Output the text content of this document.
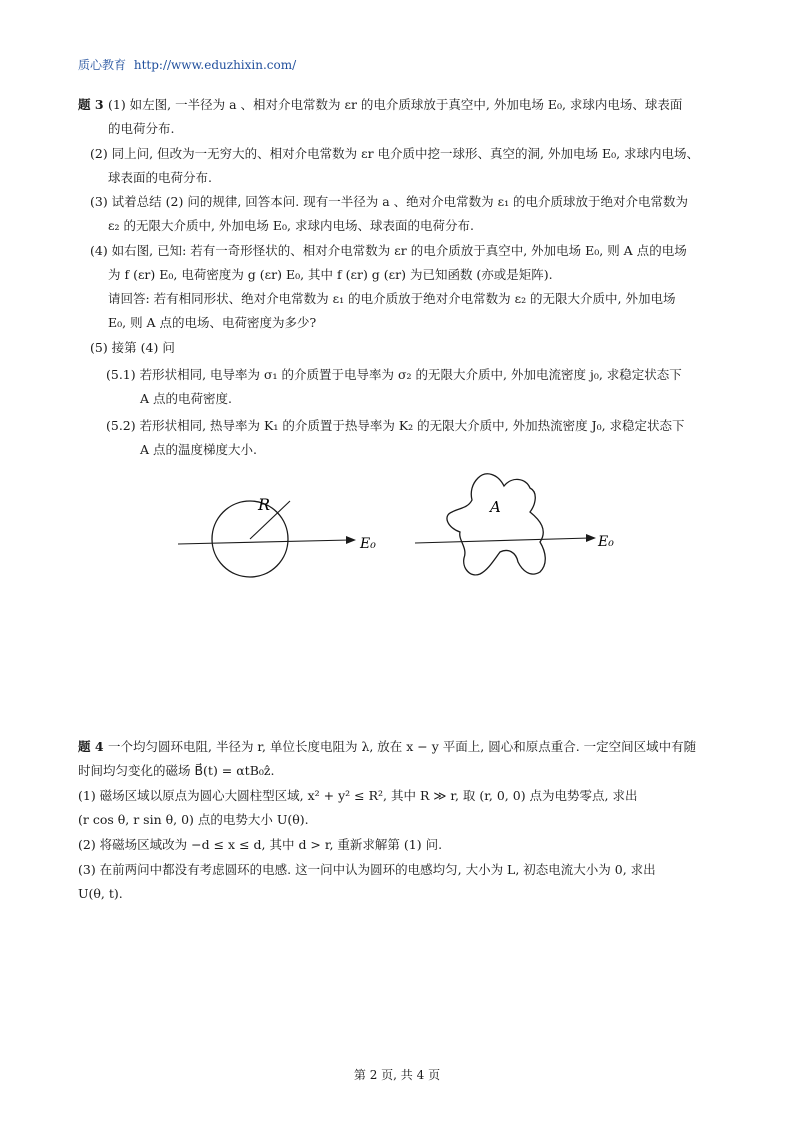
质心教育 http://www.eduzhixin.com/
题 3 (1) 如左图, 一半径为 a 、相对介电常数为 εr 的电介质球放于真空中, 外加电场 E₀, 求球内电场、球表面
的电荷分布.
(2) 同上问, 但改为一无穷大的、相对介电常数为 εr 电介质中挖一球形、真空的洞, 外加电场 E₀, 求球内电场、
球表面的电荷分布.
(3) 试着总结 (2) 问的规律, 回答本问. 现有一半径为 a 、绝对介电常数为 ε₁ 的电介质球放于绝对介电常数为
ε₂ 的无限大介质中, 外加电场 E₀, 求球内电场、球表面的电荷分布.
(4) 如右图, 已知: 若有一奇形怪状的、相对介电常数为 εr 的电介质放于真空中, 外加电场 E₀, 则 A 点的电场
为 f (εr) E₀, 电荷密度为 g (εr) E₀, 其中 f (εr) g (εr) 为已知函数 (亦或是矩阵).
请回答: 若有相同形状、绝对介电常数为 ε₁ 的电介质放于绝对介电常数为 ε₂ 的无限大介质中, 外加电场
E₀, 则 A 点的电场、电荷密度为多少?
(5) 接第 (4) 问
(5.1) 若形状相同, 电导率为 σ₁ 的介质置于电导率为 σ₂ 的无限大介质中, 外加电流密度 j₀, 求稳定状态下
A 点的电荷密度.
(5.2) 若形状相同, 热导率为 K₁ 的介质置于热导率为 K₂ 的无限大介质中, 外加热流密度 J₀, 求稳定状态下
A 点的温度梯度大小.
R
E₀
A
E₀
题 4 一个均匀圆环电阻, 半径为 r, 单位长度电阻为 λ, 放在 x − y 平面上, 圆心和原点重合. 一定空间区域中有随
时间均匀变化的磁场 B⃗(t) = αtB₀ẑ.
(1) 磁场区域以原点为圆心大圆柱型区域, x² + y² ≤ R², 其中 R ≫ r, 取 (r, 0, 0) 点为电势零点, 求出
(r cos θ, r sin θ, 0) 点的电势大小 U(θ).
(2) 将磁场区域改为 −d ≤ x ≤ d, 其中 d > r, 重新求解第 (1) 问.
(3) 在前两问中都没有考虑圆环的电感. 这一问中认为圆环的电感均匀, 大小为 L, 初态电流大小为 0, 求出
U(θ, t).
第 2 页, 共 4 页
